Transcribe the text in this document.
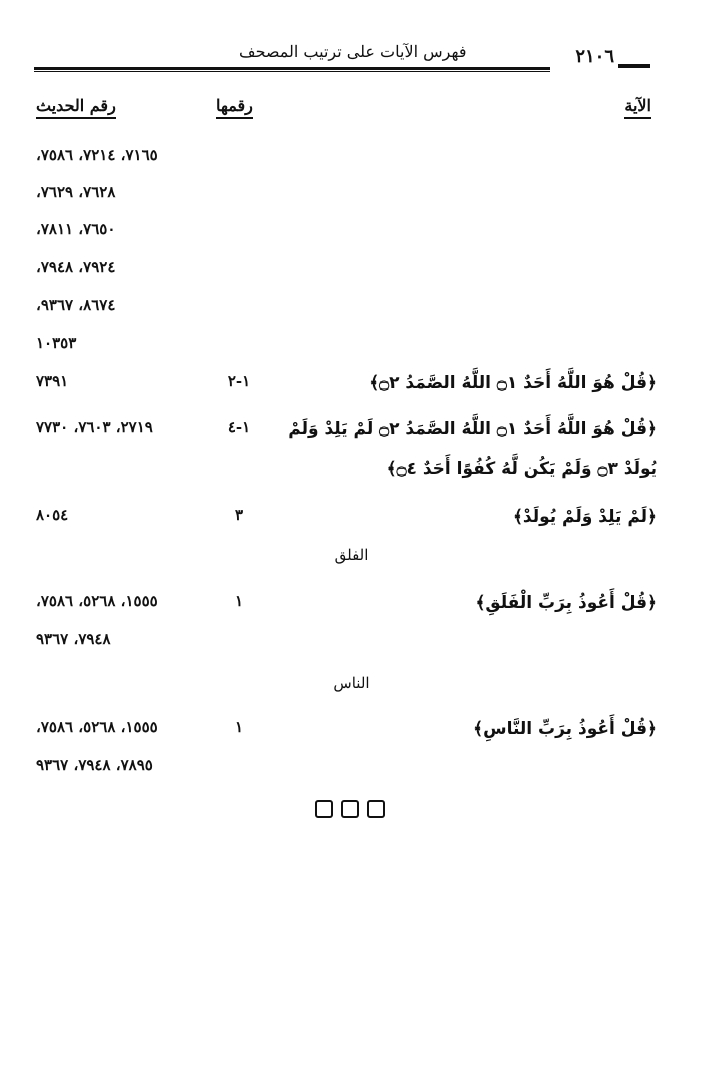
فهرس الآيات على ترتيب المصحف	٢١٠٦
الآية
رقمها
رقم الحديث
٧١٦٥، ٧٢١٤، ٧٥٨٦،
٧٦٢٨، ٧٦٢٩،
٧٦٥٠، ٧٨١١،
٧٩٢٤، ٧٩٤٨،
٨٦٧٤، ٩٣٦٧،
١٠٣٥٣
﴿قُلْ هُوَ اللَّهُ أَحَدٌ ۝١ اللَّهُ الصَّمَدُ ۝٢﴾
١-٢
٧٣٩١
﴿قُلْ هُوَ اللَّهُ أَحَدٌ ۝١ اللَّهُ الصَّمَدُ ۝٢ لَمْ يَلِدْ وَلَمْ
١-٤
٢٧١٩، ٧٦٠٣، ٧٧٣٠
يُولَدْ ۝٣ وَلَمْ يَكُن لَّهُ كُفُوًا أَحَدٌ ۝٤﴾
﴿لَمْ يَلِدْ وَلَمْ يُولَدْ﴾
٣
٨٠٥٤
الفلق
﴿قُلْ أَعُوذُ بِرَبِّ الْفَلَقِ﴾
١
١٥٥٥، ٥٢٦٨، ٧٥٨٦،
٧٩٤٨، ٩٣٦٧
الناس
﴿قُلْ أَعُوذُ بِرَبِّ النَّاسِ﴾
١
١٥٥٥، ٥٢٦٨، ٧٥٨٦،
٧٨٩٥، ٧٩٤٨، ٩٣٦٧
